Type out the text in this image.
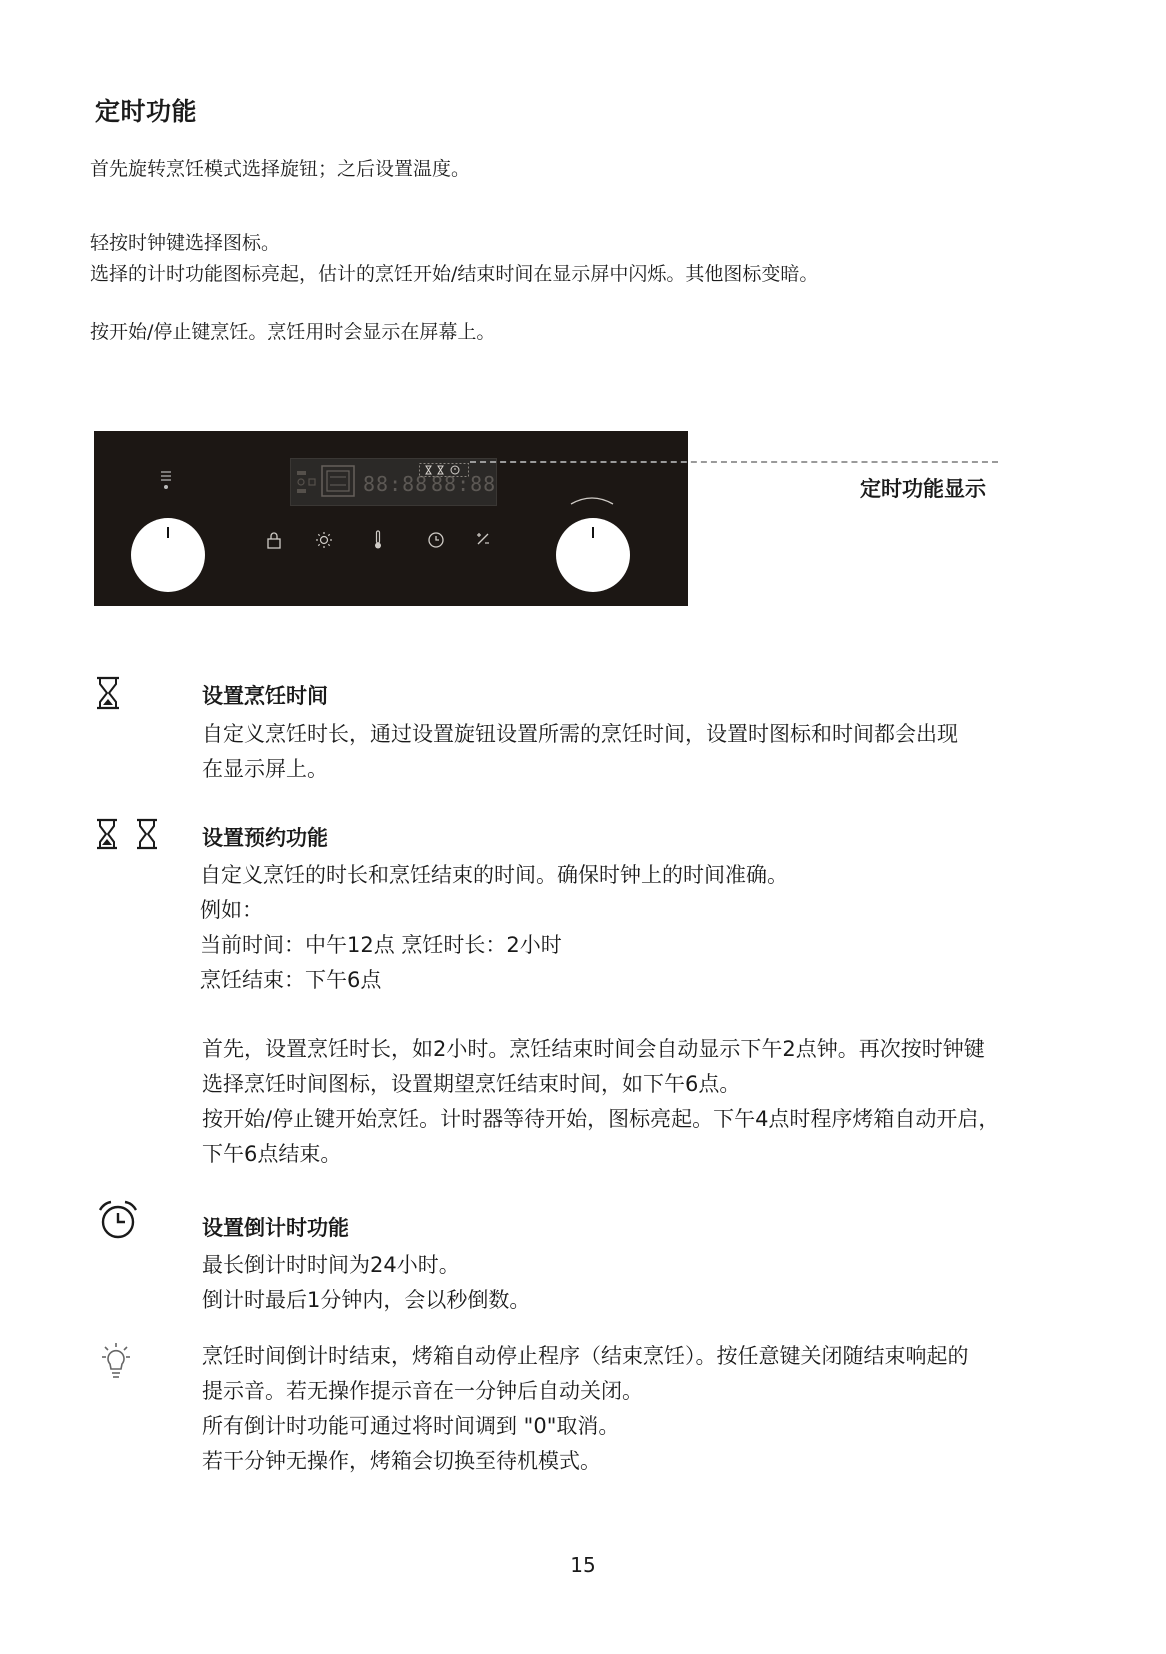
定时功能
首先旋转烹饪模式选择旋钮；之后设置温度。
轻按时钟键选择图标。
选择的计时功能图标亮起，估计的烹饪开始/结束时间在显示屏中闪烁。其他图标变暗。
按开始/停止键烹饪。烹饪用时会显示在屏幕上。
88:88 88:88	定时功能显示
设置烹饪时间
自定义烹饪时长，通过设置旋钮设置所需的烹饪时间，设置时图标和时间都会出现
在显示屏上。
设置预约功能
自定义烹饪的时长和烹饪结束的时间。确保时钟上的时间准确。
例如：
当前时间：中午12点 烹饪时长：2小时
烹饪结束：下午6点
首先，设置烹饪时长，如2小时。烹饪结束时间会自动显示下午2点钟。再次按时钟键
选择烹饪时间图标，设置期望烹饪结束时间，如下午6点。
按开始/停止键开始烹饪。计时器等待开始，图标亮起。下午4点时程序烤箱自动开启，
下午6点结束。
设置倒计时功能
最长倒计时时间为24小时。
倒计时最后1分钟内，会以秒倒数。
烹饪时间倒计时结束，烤箱自动停止程序（结束烹饪）。按任意键关闭随结束响起的
提示音。若无操作提示音在一分钟后自动关闭。
所有倒计时功能可通过将时间调到 "0"取消。
若干分钟无操作，烤箱会切换至待机模式。
15
